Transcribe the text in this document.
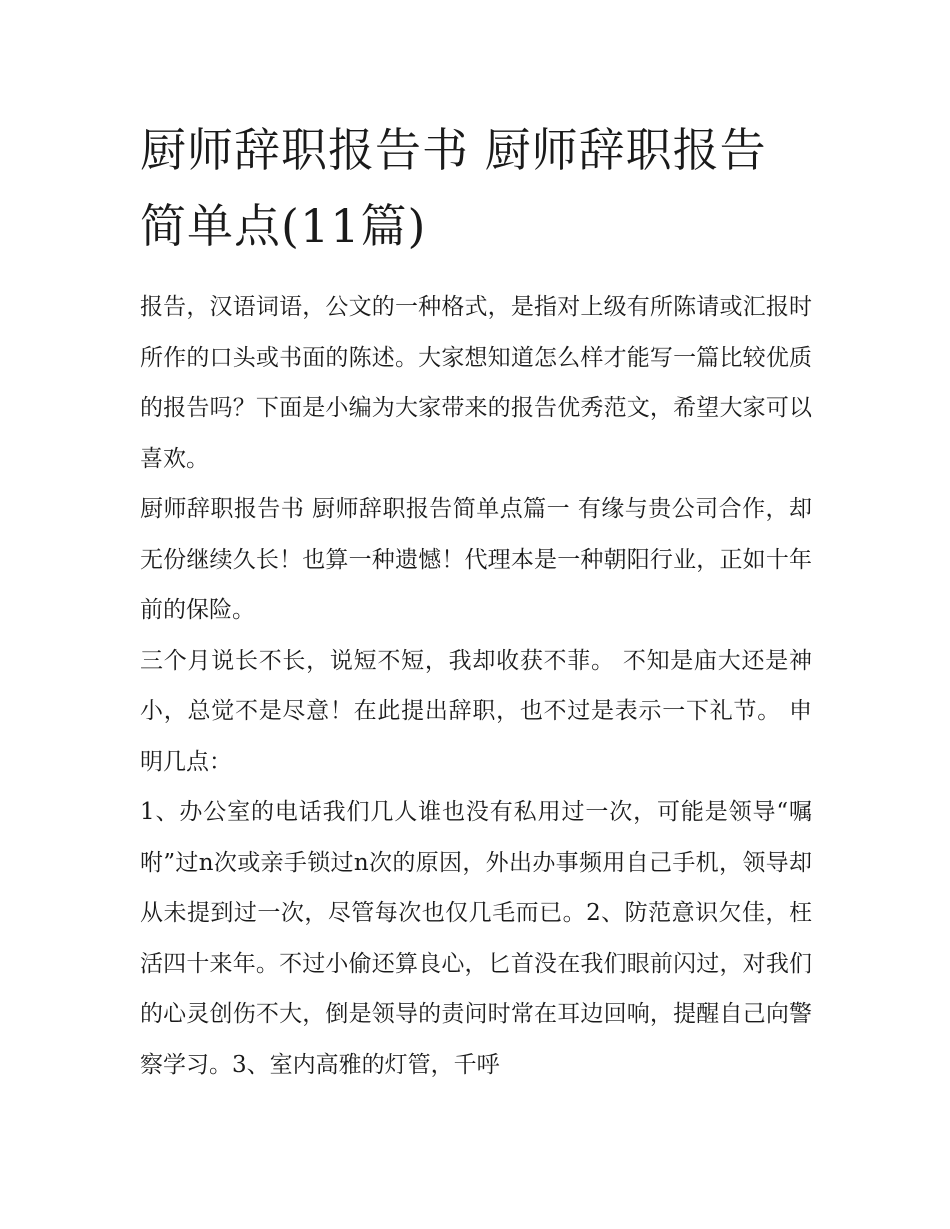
厨师辞职报告书 厨师辞职报告简单点(11篇)

报告，汉语词语，公文的一种格式，是指对上级有所陈请或汇报时所作的口头或书面的陈述。大家想知道怎么样才能写一篇比较优质的报告吗？下面是小编为大家带来的报告优秀范文，希望大家可以喜欢。

厨师辞职报告书 厨师辞职报告简单点篇一 有缘与贵公司合作，却无份继续久长！也算一种遗憾！代理本是一种朝阳行业，正如十年前的保险。

三个月说长不长，说短不短，我却收获不菲。 不知是庙大还是神小，总觉不是尽意！在此提出辞职，也不过是表示一下礼节。 申明几点：

1、办公室的电话我们几人谁也没有私用过一次，可能是领导“嘱咐”过n次或亲手锁过n次的原因，外出办事频用自己手机，领导却从未提到过一次，尽管每次也仅几毛而已。2、防范意识欠佳，枉活四十来年。不过小偷还算良心，匕首没在我们眼前闪过，对我们的心灵创伤不大，倒是领导的责问时常在耳边回响，提醒自己向警察学习。3、室内高雅的灯管，千呼
